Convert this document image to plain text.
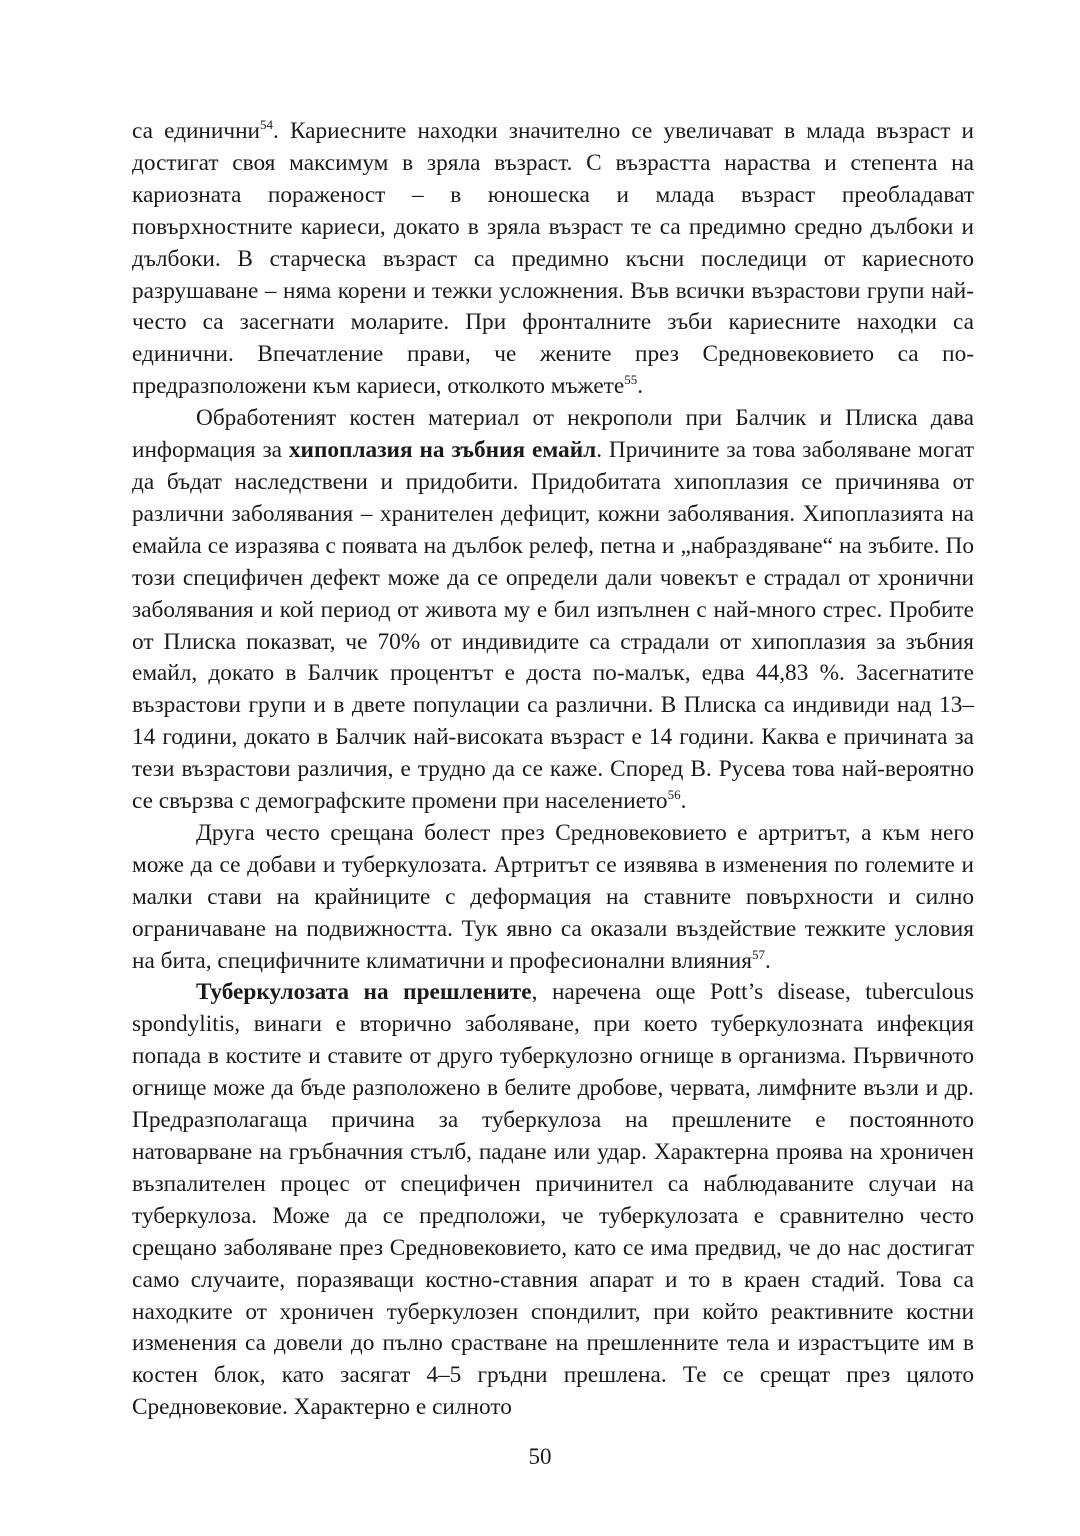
са единични$^{54}$. Кариесните находки значително се увеличават в млада възраст и достигат своя максимум в зряла възраст. С възрастта нараства и степента на кариозната пораженост – в юношеска и млада възраст преобладават повърхностните кариеси, докато в зряла възраст те са предимно средно дълбоки и дълбоки. В старческа възраст са предимно късни последици от кариесното разрушаване – няма корени и тежки усложнения. Във всички възрастови групи най-често са засегнати моларите. При фронталните зъби кариесните находки са единични. Впечатление прави, че жените през Средновековието са по-предразположени към кариеси, отколкото мъжете$^{55}$.

Обработеният костен материал от некрополи при Балчик и Плиска дава информация за хипоплазия на зъбния емайл. Причините за това заболяване могат да бъдат наследствени и придобити. Придобитата хипоплазия се причинява от различни заболявания – хранителен дефицит, кожни заболявания. Хипоплазията на емайла се изразява с появата на дълбок релеф, петна и „набраздяване“ на зъбите. По този специфичен дефект може да се определи дали човекът е страдал от хронични заболявания и кой период от живота му е бил изпълнен с най-много стрес. Пробите от Плиска показват, че 70% от индивидите са страдали от хипоплазия за зъбния емайл, докато в Балчик процентът е доста по-малък, едва 44,83 %. Засегнатите възрастови групи и в двете популации са различни. В Плиска са индивиди над 13–14 години, докато в Балчик най-високата възраст е 14 години. Каква е причината за тези възрастови различия, е трудно да се каже. Според В. Русева това най-вероятно се свързва с демографските промени при населението$^{56}$.

Друга често срещана болест през Средновековието е артритът, а към него може да се добави и туберкулозата. Артритът се изявява в изменения по големите и малки стави на крайниците с деформация на ставните повърхности и силно ограничаване на подвижността. Тук явно са оказали въздействие тежките условия на бита, специфичните климатични и професионални влияния$^{57}$.

Туберкулозата на прешлените, наречена още Pott’s disease, tuberculous spondylitis, винаги е вторично заболяване, при което туберкулозната инфекция попада в костите и ставите от друго туберкулозно огнище в организма. Първичното огнище може да бъде разположено в белите дробове, червата, лимфните възли и др. Предразполагаща причина за туберкулоза на прешлените е постоянното натоварване на гръбначния стълб, падане или удар. Характерна проява на хроничен възпалителен процес от специфичен причинител са наблюдаваните случаи на туберкулоза. Може да се предположи, че туберкулозата е сравнително често срещано заболяване през Средновековието, като се има предвид, че до нас достигат само случаите, поразяващи костно-ставния апарат и то в краен стадий. Това са находките от хроничен туберкулозен спондилит, при който реактивните костни изменения са довели до пълно срастване на прешленните тела и израстъците им в костен блок, като засягат 4–5 гръдни прешлена. Те се срещат през цялото Средновековие. Характерно е силното

50
